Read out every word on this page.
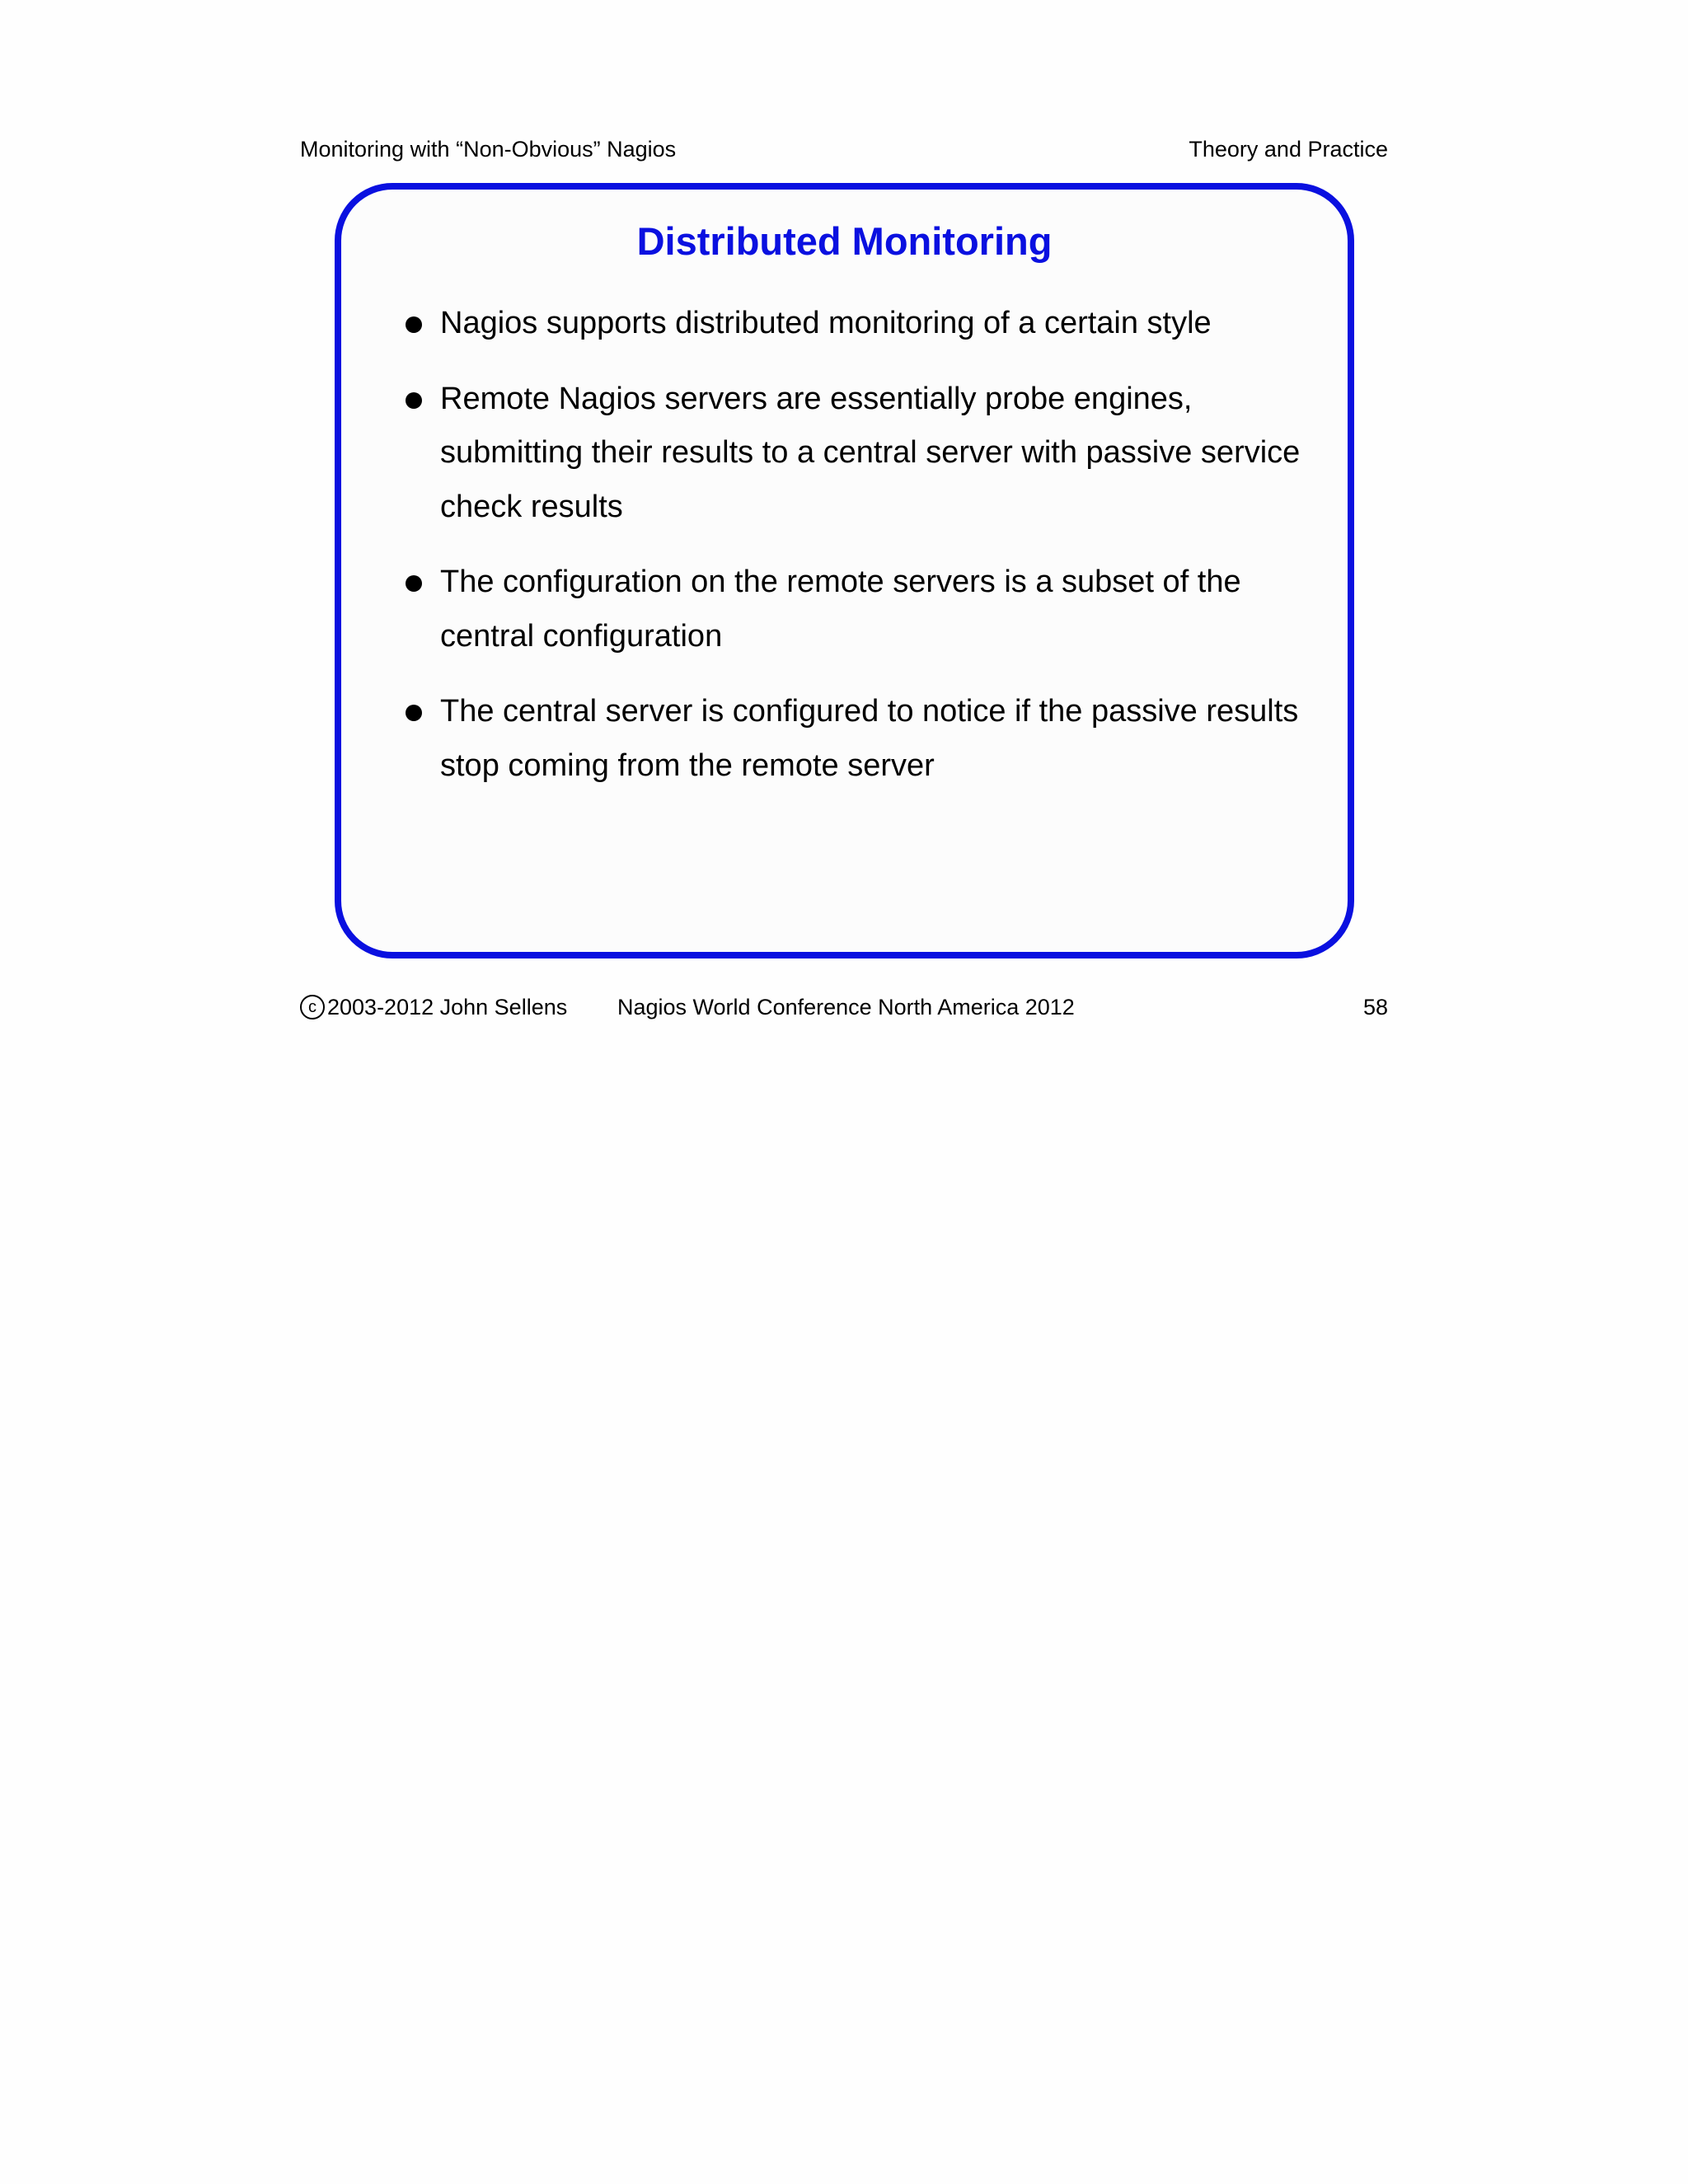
Monitoring with “Non-Obvious” Nagios	Theory and Practice
Distributed Monitoring
Nagios supports distributed monitoring of a certain style
Remote Nagios servers are essentially probe engines, submitting their results to a central server with passive service check results
The configuration on the remote servers is a subset of the central configuration
The central server is configured to notice if the passive results stop coming from the remote server
c 2003-2012 John Sellens Nagios World Conference North America 2012	58
